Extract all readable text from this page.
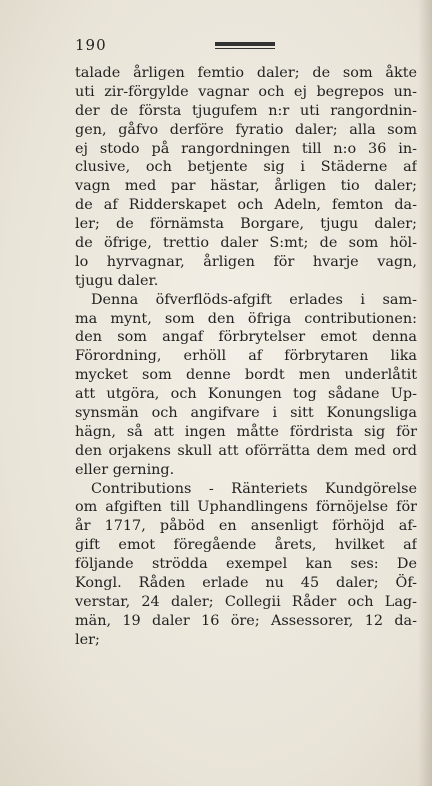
190
talade årligen femtio daler; de som åkte
uti zir-förgylde vagnar och ej begrepos un-
der de första tjugufem n:r uti rangordnin-
gen, gåfvo derföre fyratio daler; alla som
ej stodo på rangordningen till n:o 36 in-
clusive, och betjente sig i Städerne af
vagn med par hästar, årligen tio daler;
de af Ridderskapet och Adeln, femton da-
ler; de förnämsta Borgare, tjugu daler;
de öfrige, trettio daler S:mt; de som höl-
lo hyrvagnar, årligen för hvarje vagn,
tjugu daler.
Denna öfverflöds-afgift erlades i sam-
ma mynt, som den öfriga contributionen:
den som angaf förbrytelser emot denna
Förordning, erhöll af förbrytaren lika
mycket som denne bordt men underlåtit
att utgöra, och Konungen tog sådane Up-
synsmän och angifvare i sitt Konungsliga
hägn, så att ingen måtte fördrista sig för
den orjakens skull att oförrätta dem med ord
eller gerning.
Contributions - Ränteriets Kundgörelse
om afgiften till Uphandlingens förnöjelse för
år 1717, påböd en ansenligt förhöjd af-
gift emot föregående årets, hvilket af
följande strödda exempel kan ses: De
Kongl. Råden erlade nu 45 daler; Öf-
verstar, 24 daler; Collegii Råder och Lag-
män, 19 daler 16 öre; Assessorer, 12 da-
ler;
